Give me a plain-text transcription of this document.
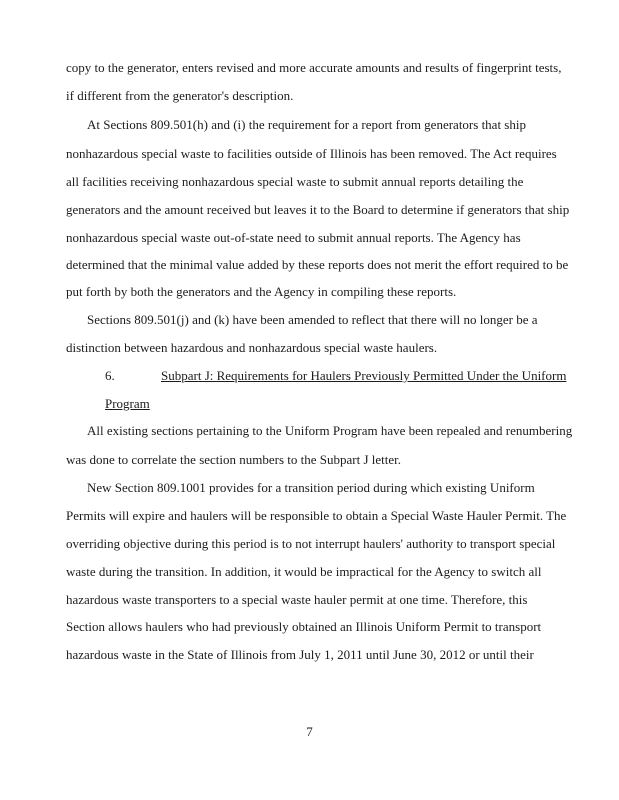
copy to the generator, enters revised and more accurate amounts and results of fingerprint tests,
if different from the generator's description.
At Sections 809.501(h) and (i) the requirement for a report from generators that ship
nonhazardous special waste to facilities outside of Illinois has been removed. The Act requires
all facilities receiving nonhazardous special waste to submit annual reports detailing the
generators and the amount received but leaves it to the Board to determine if generators that ship
nonhazardous special waste out-of-state need to submit annual reports. The Agency has
determined that the minimal value added by these reports does not merit the effort required to be
put forth by both the generators and the Agency in compiling these reports.
Sections 809.501(j) and (k) have been amended to reflect that there will no longer be a
distinction between hazardous and nonhazardous special waste haulers.
6.	Subpart J: Requirements for Haulers Previously Permitted Under the Uniform
Program
All existing sections pertaining to the Uniform Program have been repealed and renumbering
was done to correlate the section numbers to the Subpart J letter.
New Section 809.1001 provides for a transition period during which existing Uniform
Permits will expire and haulers will be responsible to obtain a Special Waste Hauler Permit. The
overriding objective during this period is to not interrupt haulers' authority to transport special
waste during the transition. In addition, it would be impractical for the Agency to switch all
hazardous waste transporters to a special waste hauler permit at one time. Therefore, this
Section allows haulers who had previously obtained an Illinois Uniform Permit to transport
hazardous waste in the State of Illinois from July 1, 2011 until June 30, 2012 or until their
7
